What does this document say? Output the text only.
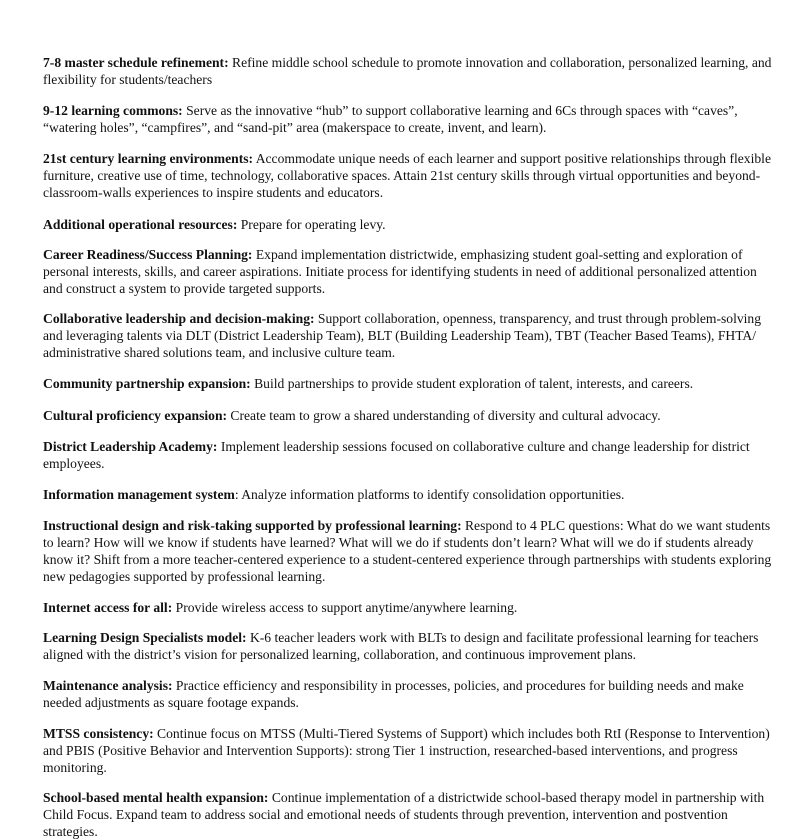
7-8 master schedule refinement: Refine middle school schedule to promote innovation and collaboration, personalized learning, and flexibility for students/teachers

9-12 learning commons: Serve as the innovative “hub” to support collaborative learning and 6Cs through spaces with “caves”, “watering holes”, “campfires”, and “sand-pit” area (makerspace to create, invent, and learn).

21st century learning environments: Accommodate unique needs of each learner and support positive relationships through flexible furniture, creative use of time, technology, collaborative spaces. Attain 21st century skills through virtual opportunities and beyond-classroom-walls experiences to inspire students and educators.

Additional operational resources: Prepare for operating levy.

Career Readiness/Success Planning: Expand implementation districtwide, emphasizing student goal-setting and exploration of personal interests, skills, and career aspirations. Initiate process for identifying students in need of additional personalized attention and construct a system to provide targeted supports.

Collaborative leadership and decision-making: Support collaboration, openness, transparency, and trust through problem-solving and leveraging talents via DLT (District Leadership Team), BLT (Building Leadership Team), TBT (Teacher Based Teams), FHTA/ administrative shared solutions team, and inclusive culture team.

Community partnership expansion: Build partnerships to provide student exploration of talent, interests, and careers.

Cultural proficiency expansion: Create team to grow a shared understanding of diversity and cultural advocacy.

District Leadership Academy: Implement leadership sessions focused on collaborative culture and change leadership for district employees.

Information management system: Analyze information platforms to identify consolidation opportunities.

Instructional design and risk-taking supported by professional learning: Respond to 4 PLC questions: What do we want students to learn? How will we know if students have learned? What will we do if students don’t learn? What will we do if students already know it? Shift from a more teacher-centered experience to a student-centered experience through partnerships with students exploring new pedagogies supported by professional learning.

Internet access for all: Provide wireless access to support anytime/anywhere learning.

Learning Design Specialists model: K-6 teacher leaders work with BLTs to design and facilitate professional learning for teachers aligned with the district’s vision for personalized learning, collaboration, and continuous improvement plans.

Maintenance analysis: Practice efficiency and responsibility in processes, policies, and procedures for building needs and make needed adjustments as square footage expands.

MTSS consistency: Continue focus on MTSS (Multi-Tiered Systems of Support) which includes both RtI (Response to Intervention) and PBIS (Positive Behavior and Intervention Supports): strong Tier 1 instruction, researched-based interventions, and progress monitoring.

School-based mental health expansion: Continue implementation of a districtwide school-based therapy model in partnership with Child Focus. Expand team to address social and emotional needs of students through prevention, intervention and postvention strategies.
